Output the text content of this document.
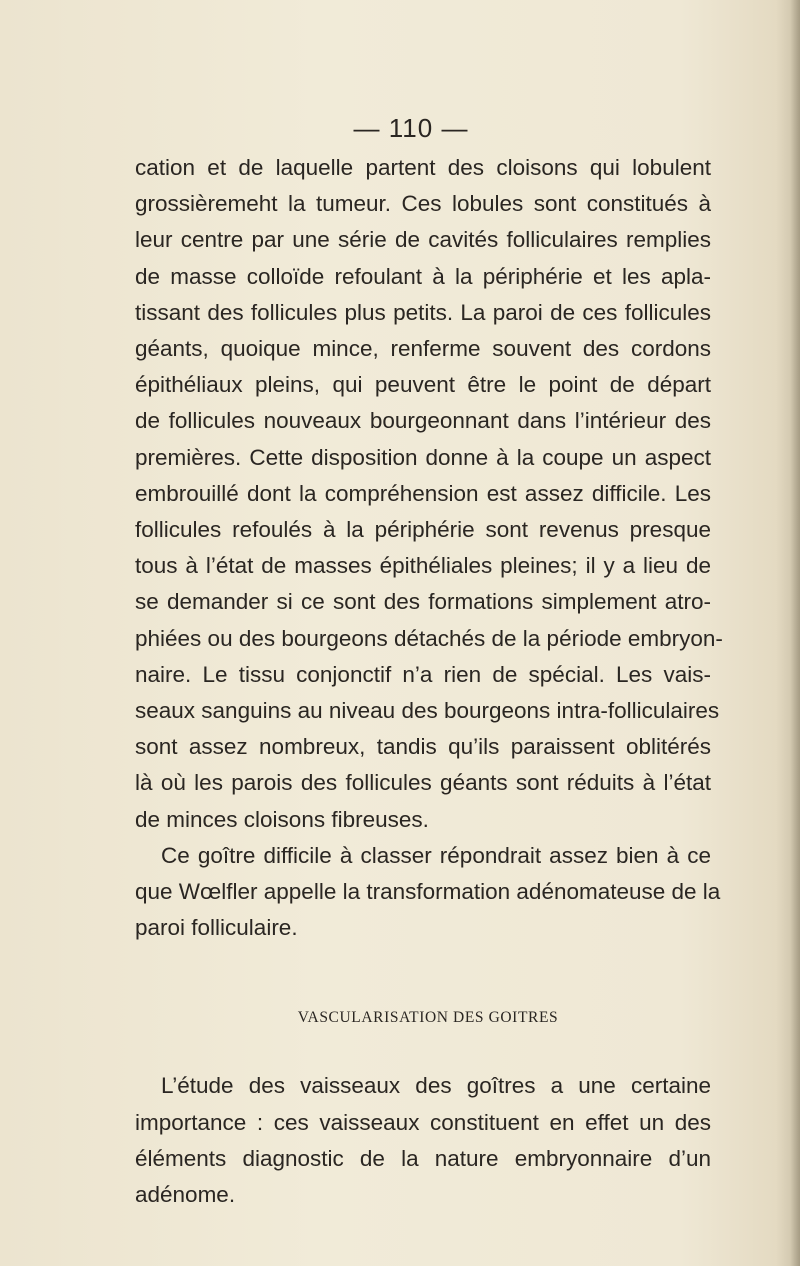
— 110 —
cation et de laquelle partent des cloisons qui lobulent
grossièremeht la tumeur. Ces lobules sont constitués à
leur centre par une série de cavités folliculaires remplies
de masse colloïde refoulant à la périphérie et les apla-
tissant des follicules plus petits. La paroi de ces follicules
géants, quoique mince, renferme souvent des cordons
épithéliaux pleins, qui peuvent être le point de départ
de follicules nouveaux bourgeonnant dans l’intérieur des
premières. Cette disposition donne à la coupe un aspect
embrouillé dont la compréhension est assez difficile. Les
follicules refoulés à la périphérie sont revenus presque
tous à l’état de masses épithéliales pleines; il y a lieu de
se demander si ce sont des formations simplement atro-
phiées ou des bourgeons détachés de la période embryon-
naire. Le tissu conjonctif n’a rien de spécial. Les vais-
seaux sanguins au niveau des bourgeons intra-folliculaires
sont assez nombreux, tandis qu’ils paraissent oblitérés
là où les parois des follicules géants sont réduits à l’état
de minces cloisons fibreuses.
Ce goître difficile à classer répondrait assez bien à ce
que Wœlfler appelle la transformation adénomateuse de la
paroi folliculaire.
VASCULARISATION DES GOITRES
L’étude des vaisseaux des goîtres a une certaine
importance : ces vaisseaux constituent en effet un des
éléments diagnostic de la nature embryonnaire d’un
adénome.
